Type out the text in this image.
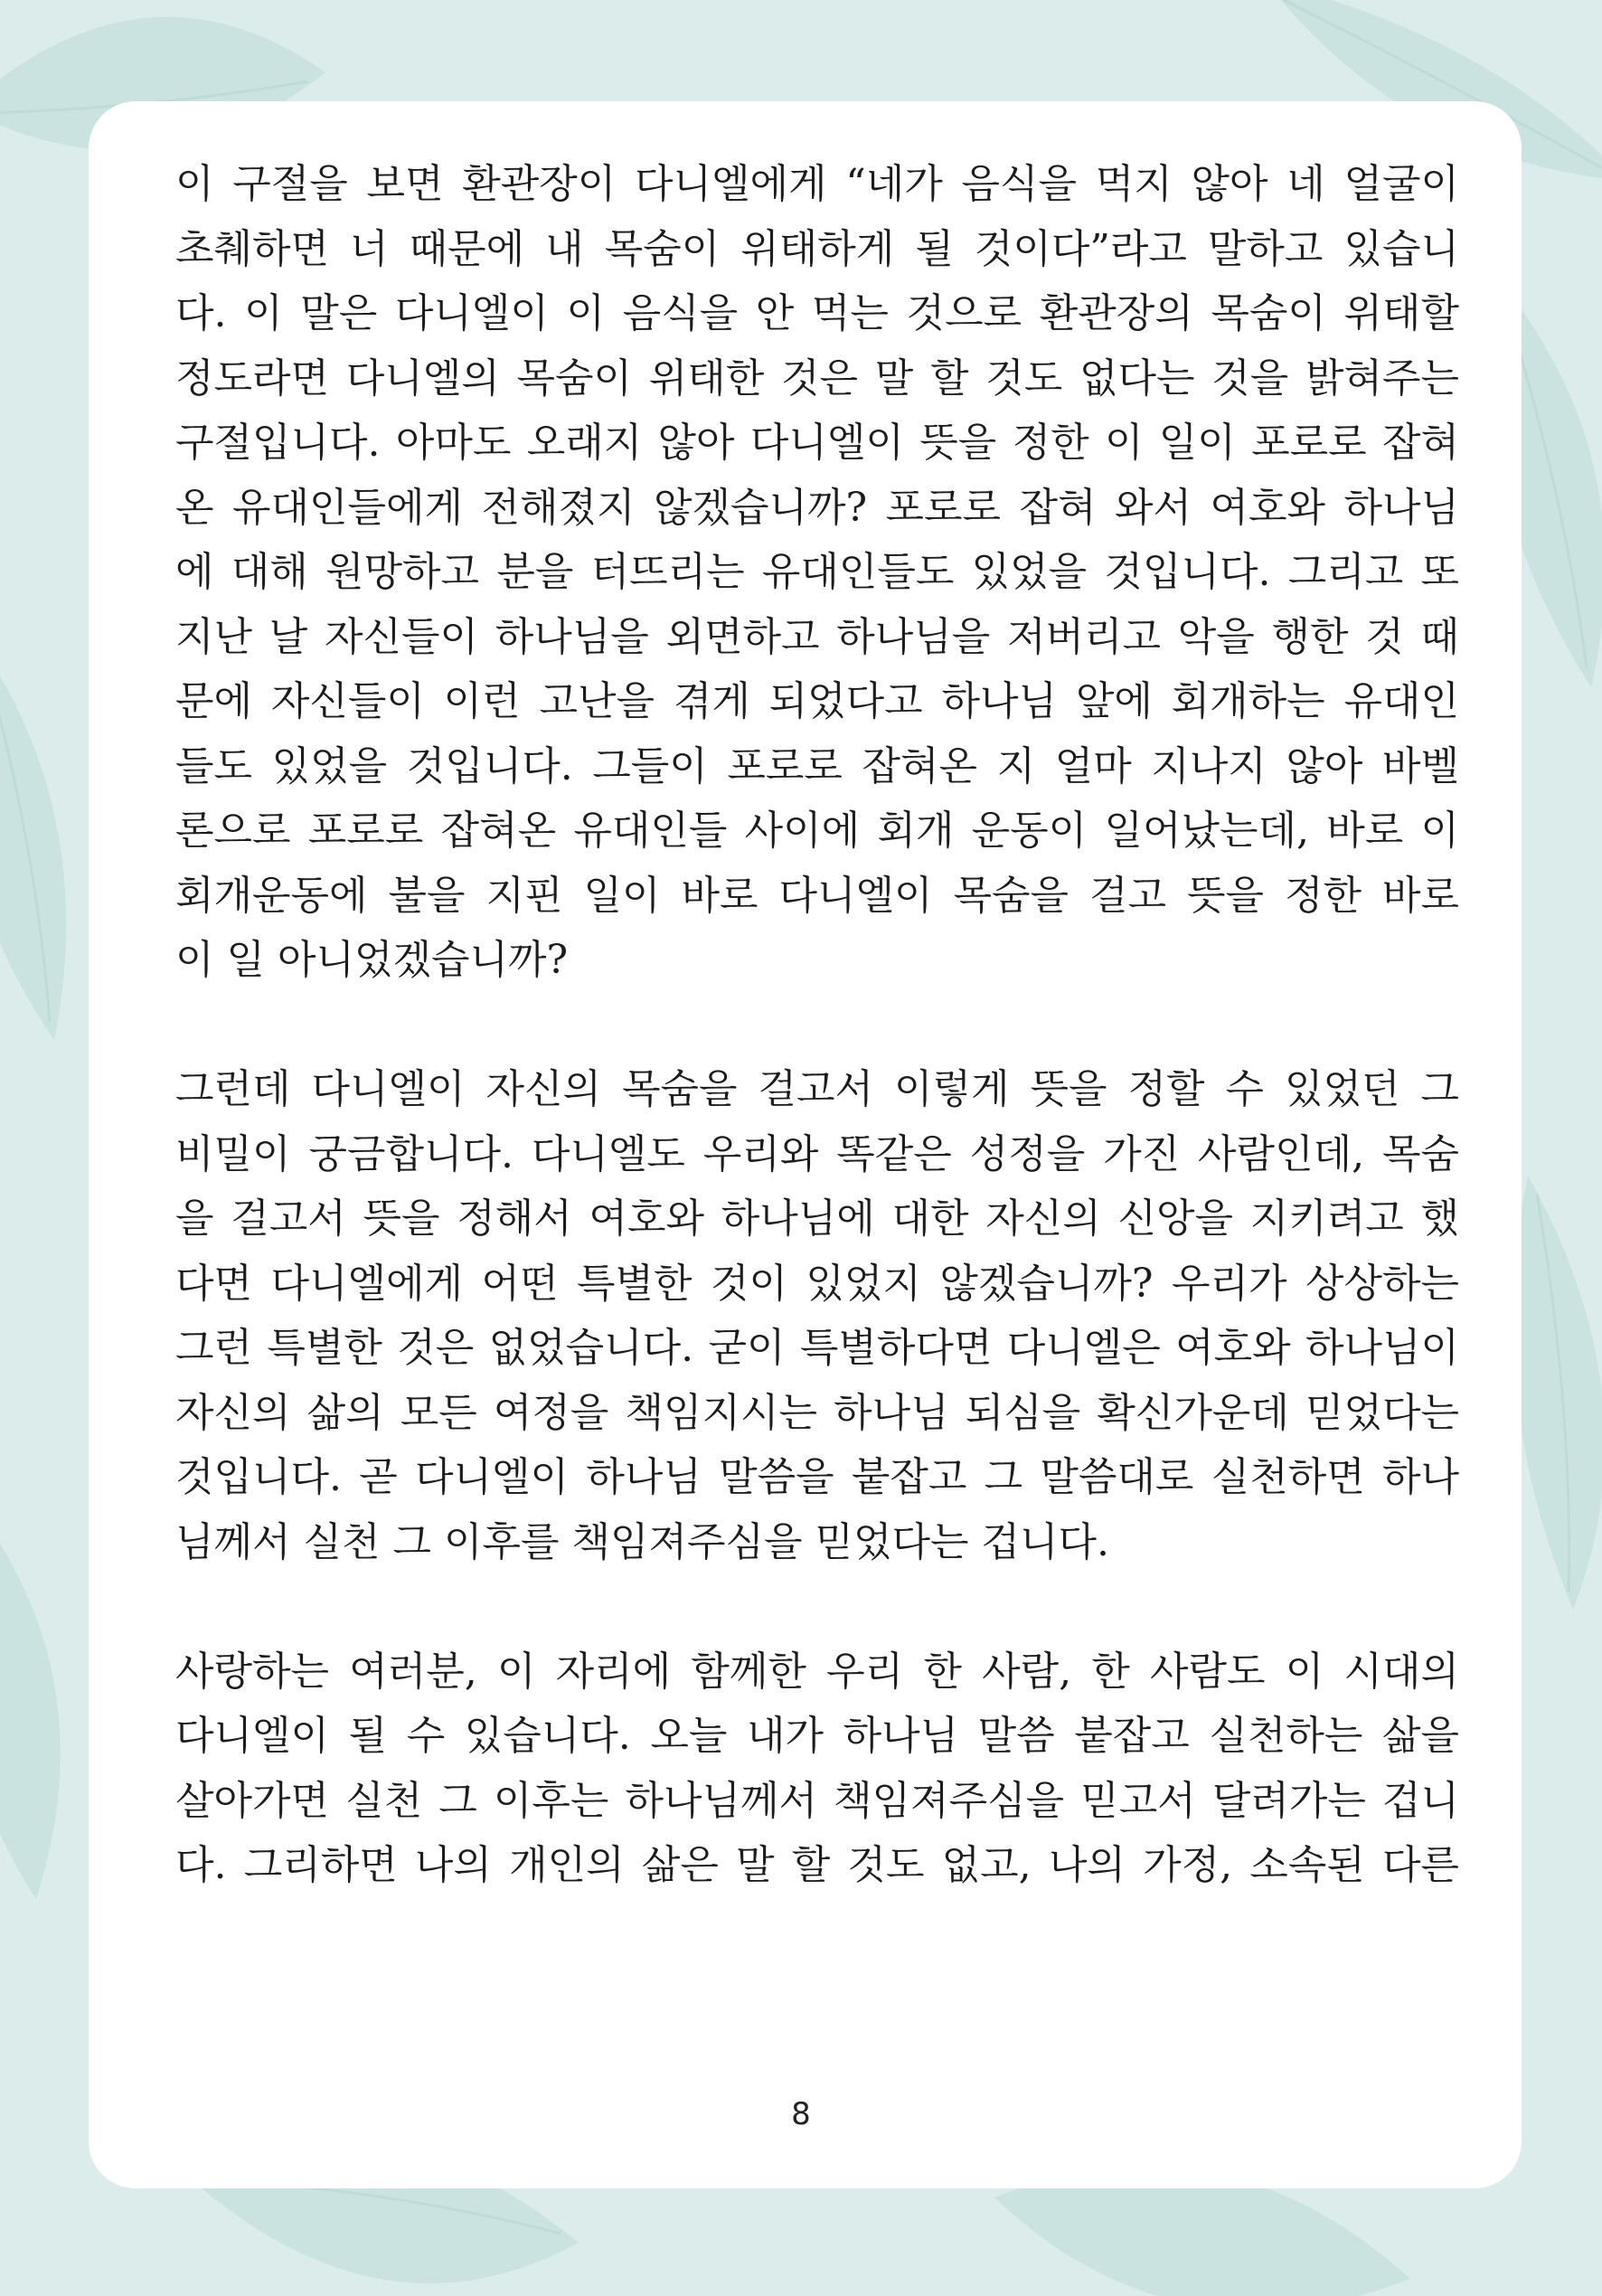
이 구절을 보면 환관장이 다니엘에게 “네가 음식을 먹지 않아 네 얼굴이
초췌하면 너 때문에 내 목숨이 위태하게 될 것이다”라고 말하고 있습니
다. 이 말은 다니엘이 이 음식을 안 먹는 것으로 환관장의 목숨이 위태할
정도라면 다니엘의 목숨이 위태한 것은 말 할 것도 없다는 것을 밝혀주는
구절입니다. 아마도 오래지 않아 다니엘이 뜻을 정한 이 일이 포로로 잡혀
온 유대인들에게 전해졌지 않겠습니까? 포로로 잡혀 와서 여호와 하나님
에 대해 원망하고 분을 터뜨리는 유대인들도 있었을 것입니다. 그리고 또
지난 날 자신들이 하나님을 외면하고 하나님을 저버리고 악을 행한 것 때
문에 자신들이 이런 고난을 겪게 되었다고 하나님 앞에 회개하는 유대인
들도 있었을 것입니다. 그들이 포로로 잡혀온 지 얼마 지나지 않아 바벨
론으로 포로로 잡혀온 유대인들 사이에 회개 운동이 일어났는데, 바로 이
회개운동에 불을 지핀 일이 바로 다니엘이 목숨을 걸고 뜻을 정한 바로
이 일 아니었겠습니까?
그런데 다니엘이 자신의 목숨을 걸고서 이렇게 뜻을 정할 수 있었던 그
비밀이 궁금합니다. 다니엘도 우리와 똑같은 성정을 가진 사람인데, 목숨
을 걸고서 뜻을 정해서 여호와 하나님에 대한 자신의 신앙을 지키려고 했
다면 다니엘에게 어떤 특별한 것이 있었지 않겠습니까? 우리가 상상하는
그런 특별한 것은 없었습니다. 굳이 특별하다면 다니엘은 여호와 하나님이
자신의 삶의 모든 여정을 책임지시는 하나님 되심을 확신가운데 믿었다는
것입니다. 곧 다니엘이 하나님 말씀을 붙잡고 그 말씀대로 실천하면 하나
님께서 실천 그 이후를 책임져주심을 믿었다는 겁니다.
사랑하는 여러분, 이 자리에 함께한 우리 한 사람, 한 사람도 이 시대의
다니엘이 될 수 있습니다. 오늘 내가 하나님 말씀 붙잡고 실천하는 삶을
살아가면 실천 그 이후는 하나님께서 책임져주심을 믿고서 달려가는 겁니
다. 그리하면 나의 개인의 삶은 말 할 것도 없고, 나의 가정, 소속된 다른
8
